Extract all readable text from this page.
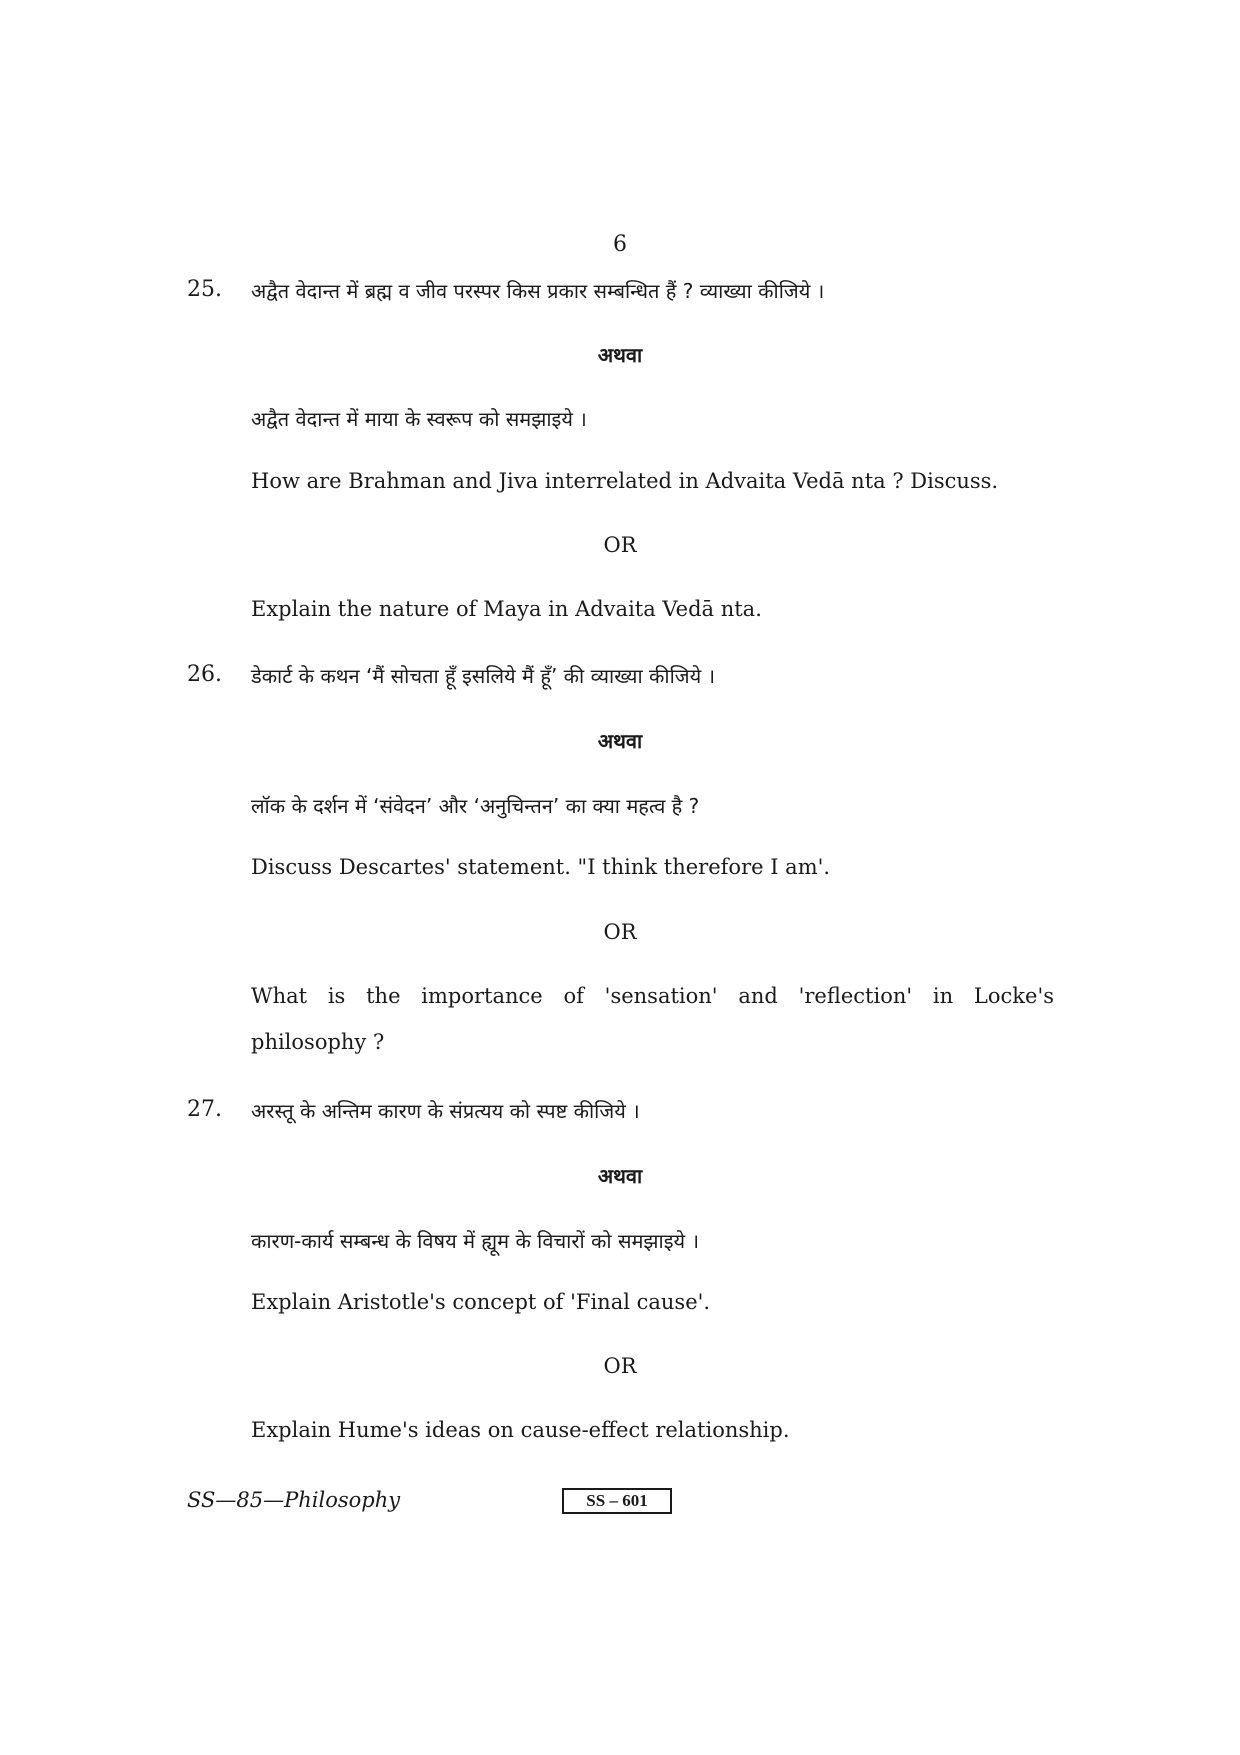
6
25. अद्वैत वेदान्त में ब्रह्म व जीव परस्पर किस प्रकार सम्बन्धित हैं ? व्याख्या कीजिये ।
अथवा
अद्वैत वेदान्त में माया के स्वरूप को समझाइये ।
How are Brahman and Jiva interrelated in Advaita Vedā nta ? Discuss.
OR
Explain the nature of Maya in Advaita Vedā nta.
26. डेकार्ट के कथन ‘मैं सोचता हूँ इसलिये मैं हूँ’ की व्याख्या कीजिये ।
अथवा
लॉक के दर्शन में ‘संवेदन’ और ‘अनुचिन्तन’ का क्या महत्व है ?
Discuss Descartes' statement. "I think therefore I am'.
OR
What is the importance of 'sensation' and 'reflection' in Locke's
philosophy ?
27. अरस्तू के अन्तिम कारण के संप्रत्यय को स्पष्ट कीजिये ।
अथवा
कारण-कार्य सम्बन्ध के विषय में ह्यूम के विचारों को समझाइये ।
Explain Aristotle's concept of 'Final cause'.
OR
Explain Hume's ideas on cause-effect relationship.
SS—85—Philosophy	SS – 601
